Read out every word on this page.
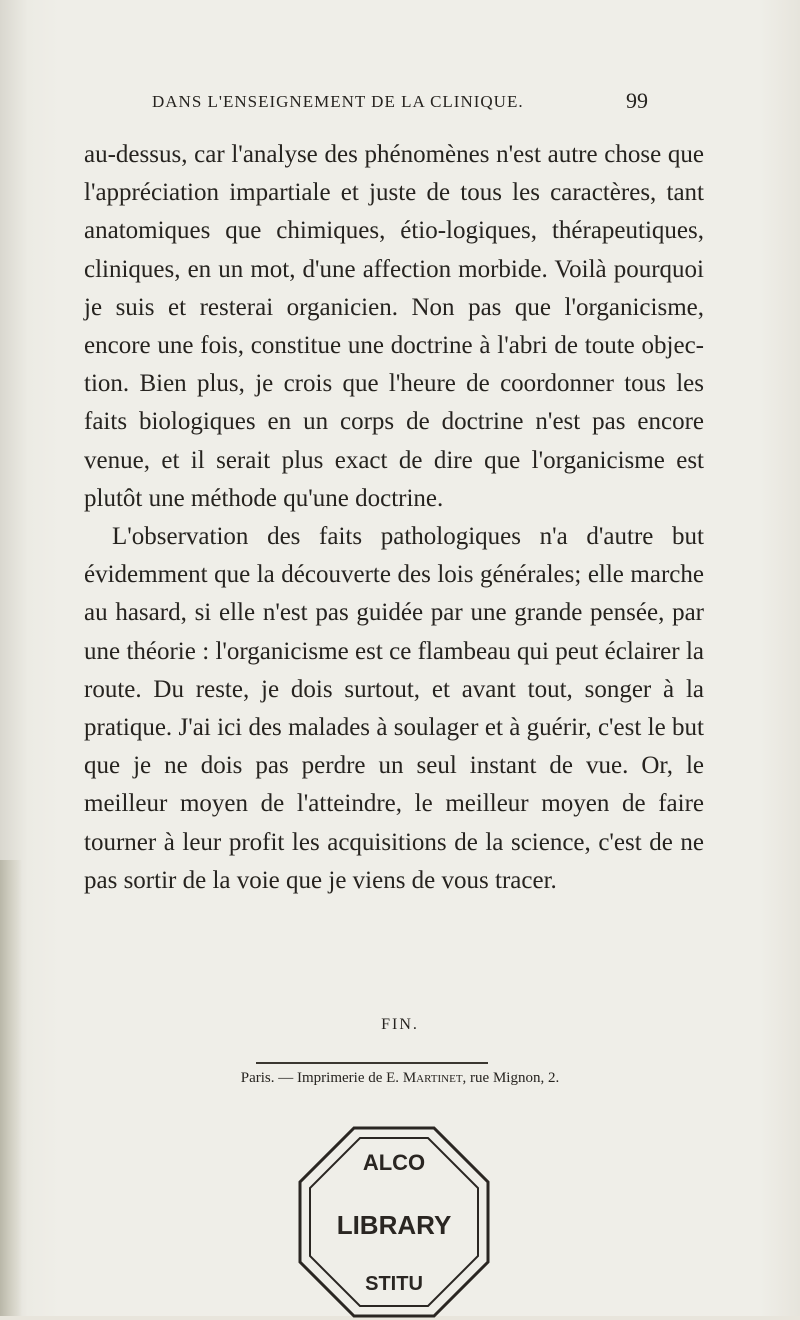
DANS L'ENSEIGNEMENT DE LA CLINIQUE.	99

au-dessus, car l'analyse des phénomènes n'est autre chose que l'appréciation impartiale et juste de tous les caractères, tant anatomiques que chimiques, étio-logiques, thérapeutiques, cliniques, en un mot, d'une affection morbide. Voilà pourquoi je suis et resterai organicien. Non pas que l'organicisme, encore une fois, constitue une doctrine à l'abri de toute objec-tion. Bien plus, je crois que l'heure de coordonner tous les faits biologiques en un corps de doctrine n'est pas encore venue, et il serait plus exact de dire que l'organicisme est plutôt une méthode qu'une doctrine.

L'observation des faits pathologiques n'a d'autre but évidemment que la découverte des lois générales; elle marche au hasard, si elle n'est pas guidée par une grande pensée, par une théorie : l'organicisme est ce flambeau qui peut éclairer la route. Du reste, je dois surtout, et avant tout, songer à la pratique. J'ai ici des malades à soulager et à guérir, c'est le but que je ne dois pas perdre un seul instant de vue. Or, le meilleur moyen de l'atteindre, le meilleur moyen de faire tourner à leur profit les acquisitions de la science, c'est de ne pas sortir de la voie que je viens de vous tracer.

FIN.
Paris. — Imprimerie de E. Martinet, rue Mignon, 2.
ALCO
LIBRARY
STITU
